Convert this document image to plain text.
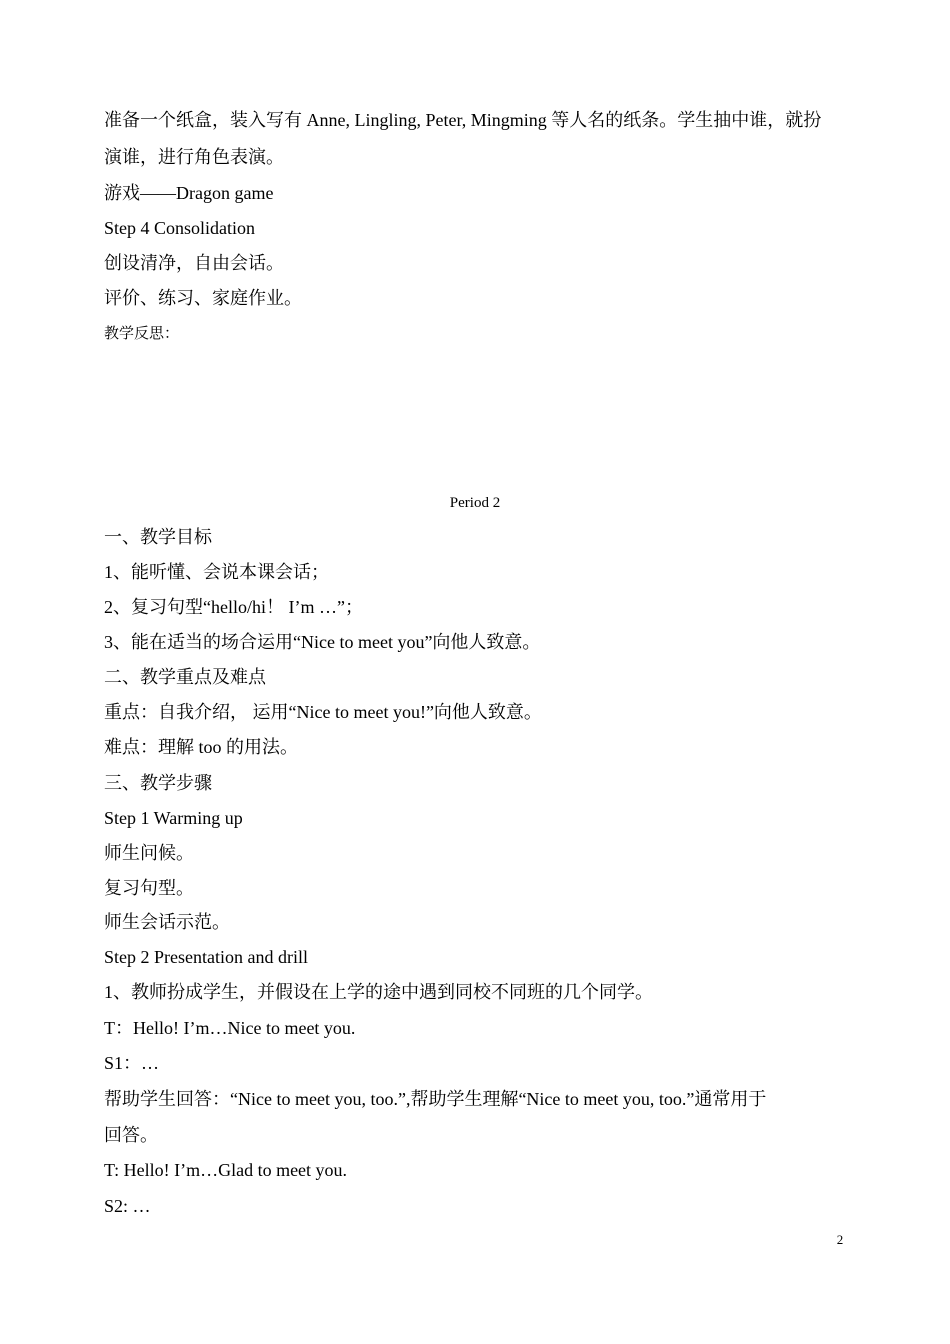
准备一个纸盒，装入写有 Anne, Lingling, Peter, Mingming 等人名的纸条。学生抽中谁，就扮
演谁，进行角色表演。
游戏——Dragon game
Step 4 Consolidation
创设清净，自由会话。
评价、练习、家庭作业。
教学反思：
Period 2
一、教学目标
1、能听懂、会说本课会话；
2、复习句型“hello/hi！ I’m …”；
3、能在适当的场合运用“Nice to meet you”向他人致意。
二、教学重点及难点
重点：自我介绍， 运用“Nice to meet you!”向他人致意。
难点：理解 too 的用法。
三、教学步骤
Step 1 Warming up
师生问候。
复习句型。
师生会话示范。
Step 2 Presentation and drill
1、教师扮成学生，并假设在上学的途中遇到同校不同班的几个同学。
T：Hello! I’m…Nice to meet you.
S1：…
帮助学生回答：“Nice to meet you, too.”,帮助学生理解“Nice to meet you, too.”通常用于
回答。
T: Hello! I’m…Glad to meet you.
S2: …
2
